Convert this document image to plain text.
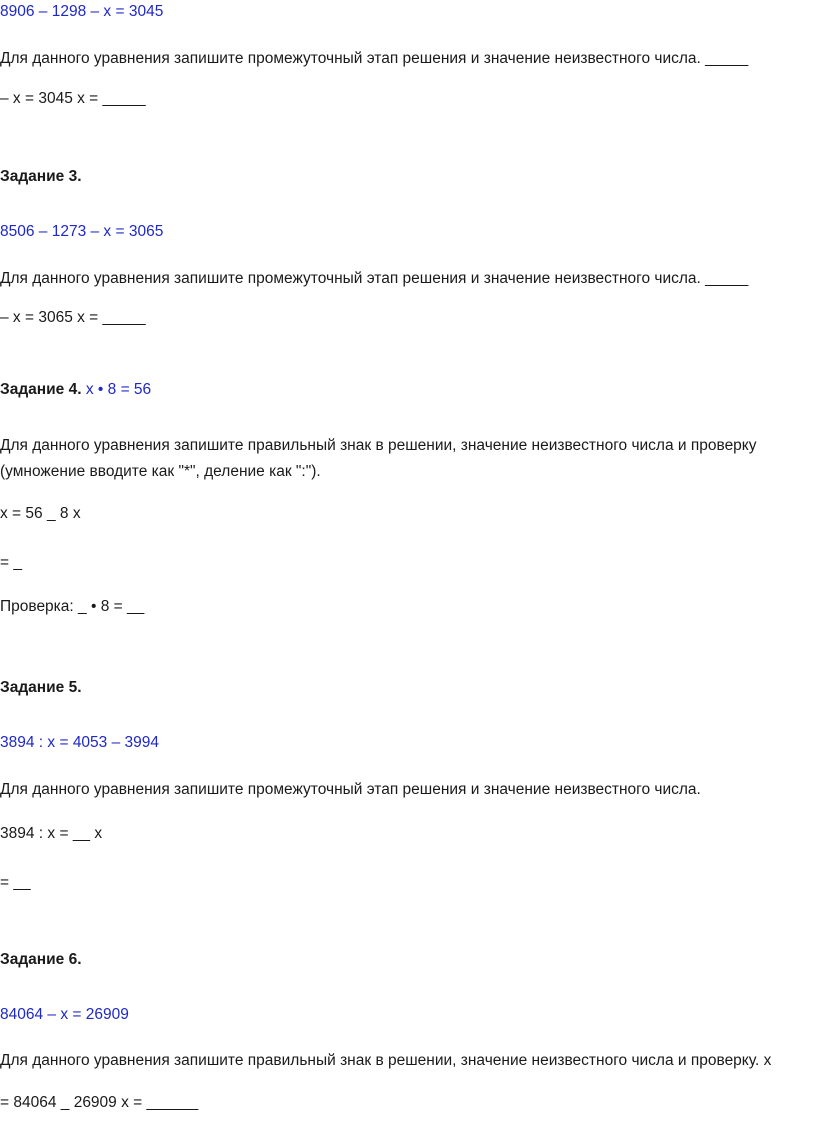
8906 – 1298 – x = 3045
Для данного уравнения запишите промежуточный этап решения и значение неизвестного числа. _____
– x = 3045 x = _____
Задание 3.
8506 – 1273 – x = 3065
Для данного уравнения запишите промежуточный этап решения и значение неизвестного числа. _____
– x = 3065 x = _____
Задание 4. x • 8 = 56
Для данного уравнения запишите правильный знак в решении, значение неизвестного числа и проверку
(умножение вводите как "*", деление как ":").
x = 56 _ 8 x
= _
Проверка: _ • 8 = __
Задание 5.
3894 : x = 4053 – 3994
Для данного уравнения запишите промежуточный этап решения и значение неизвестного числа.
3894 : x = __ x
= __
Задание 6.
84064 – x = 26909
Для данного уравнения запишите правильный знак в решении, значение неизвестного числа и проверку. x
= 84064 _ 26909 x = ______
